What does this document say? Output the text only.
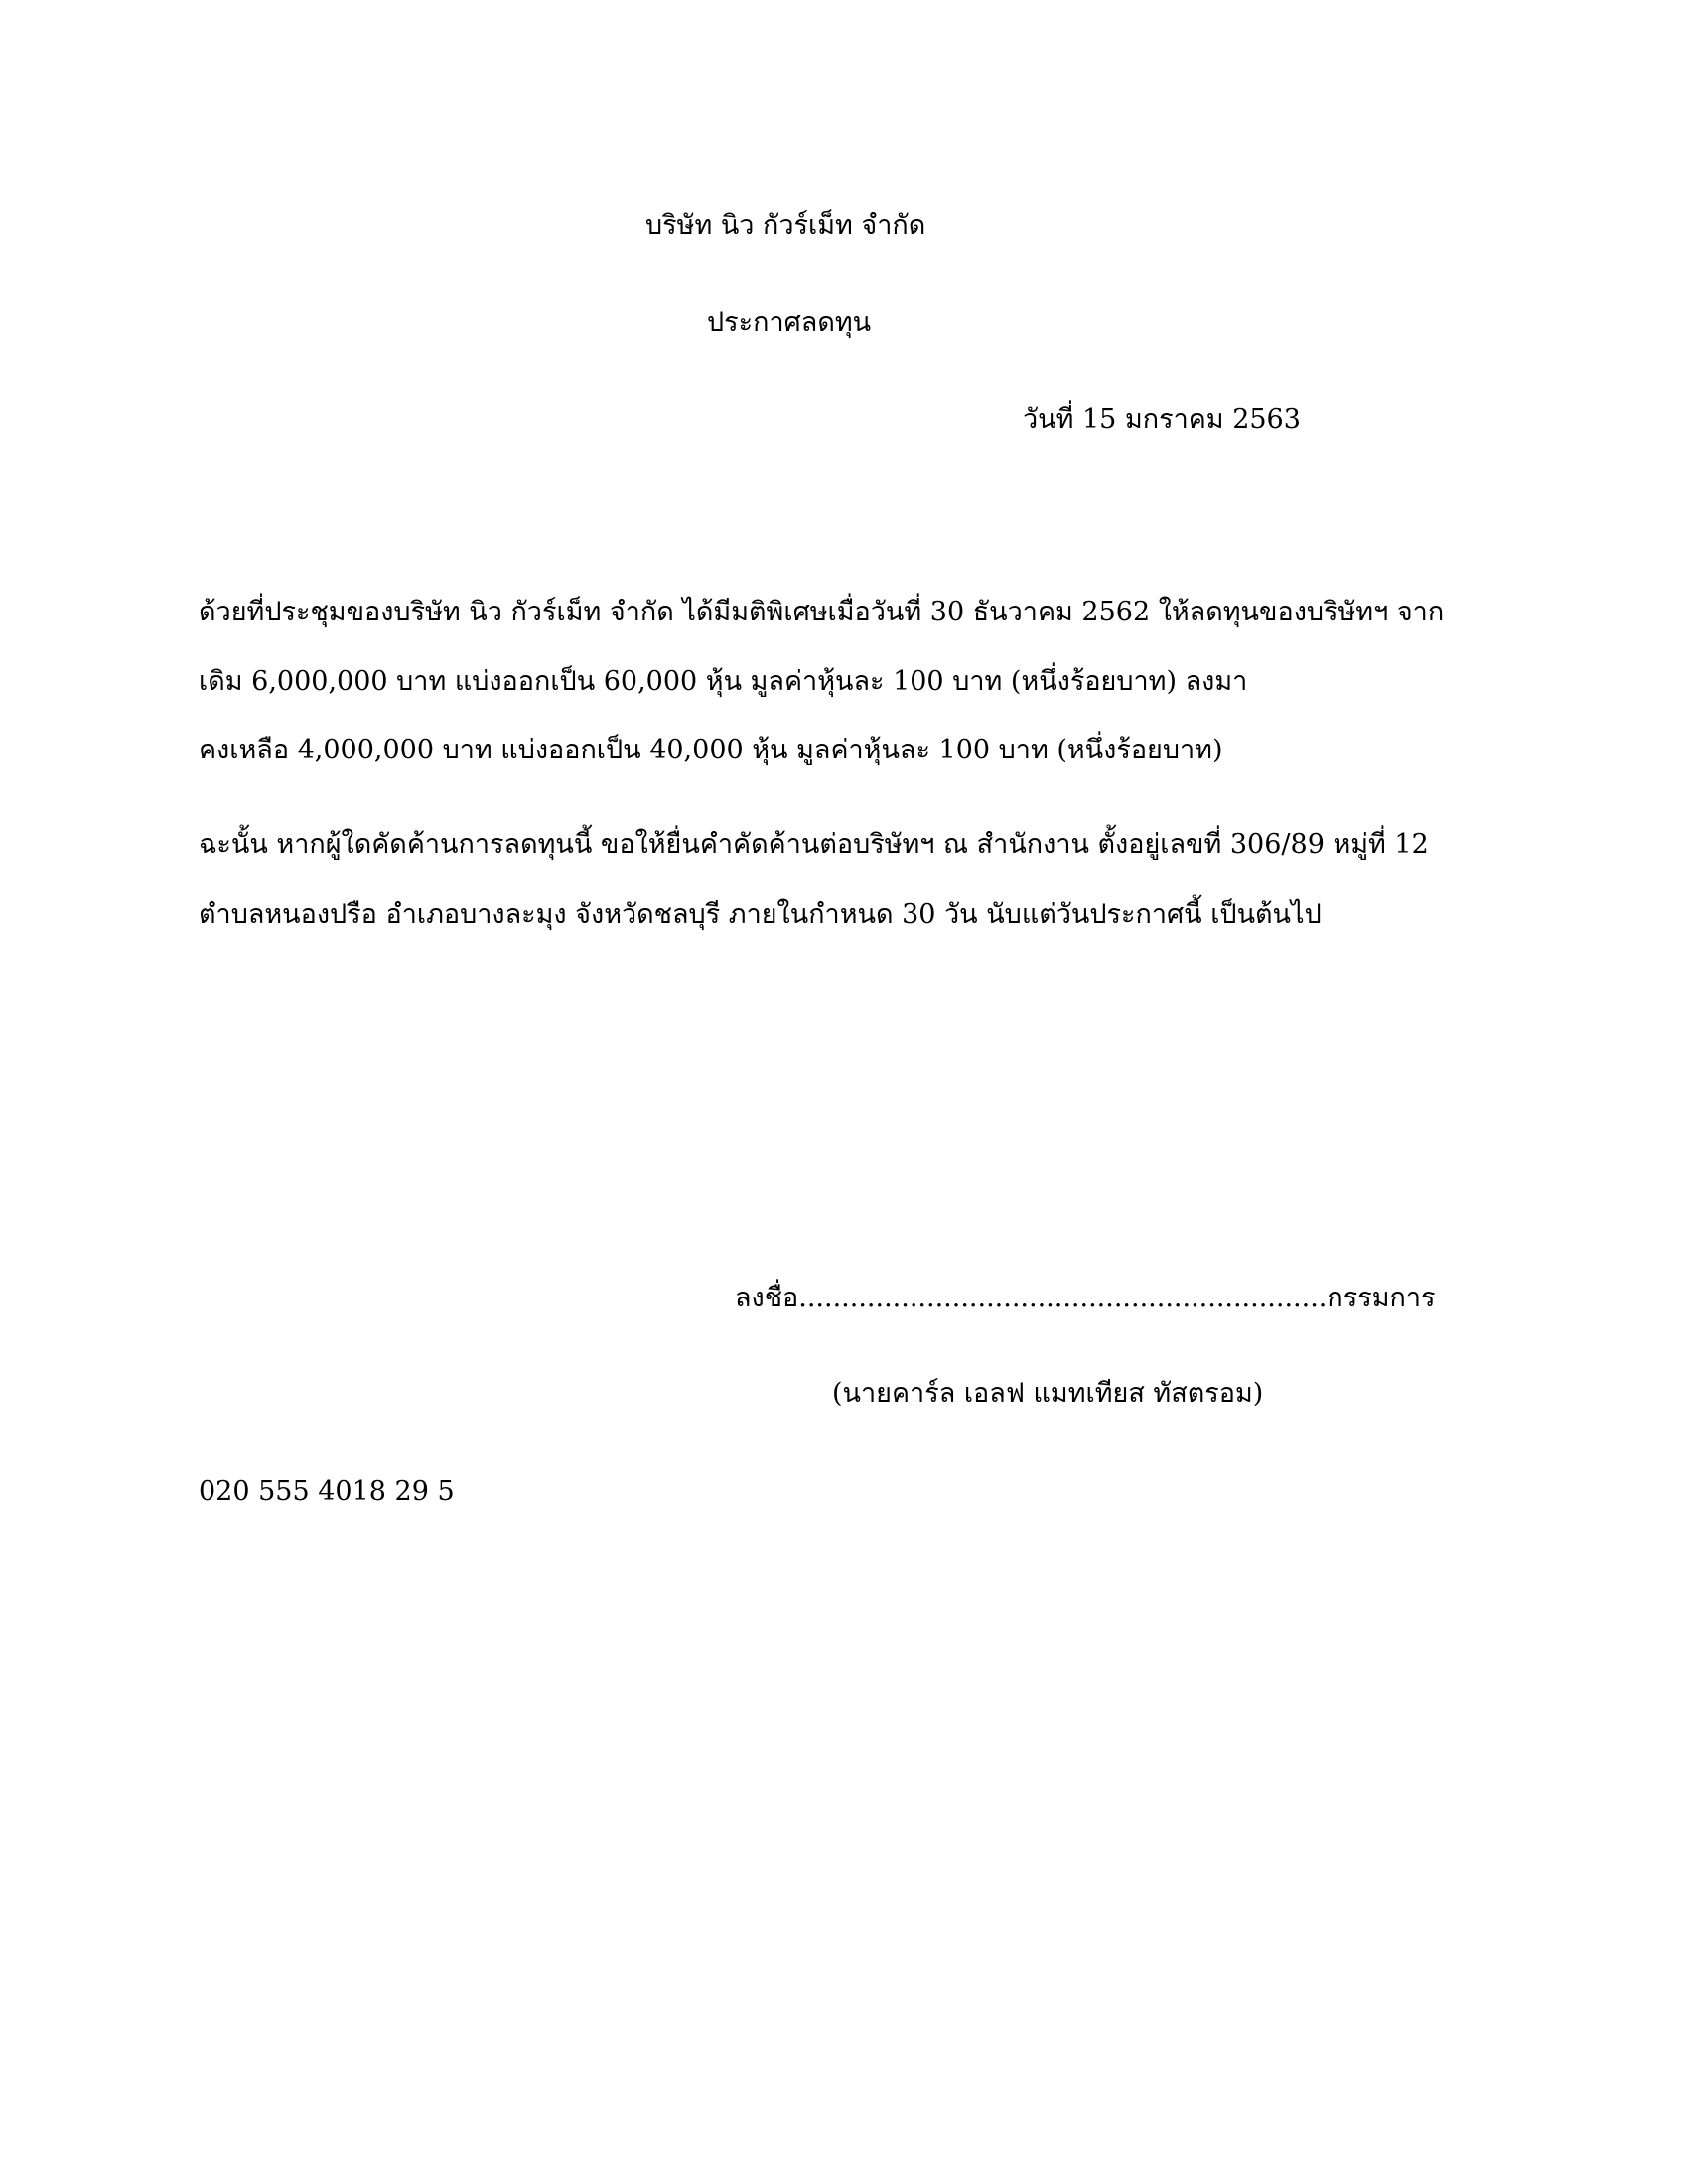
บริษัท นิว กัวร์เม็ท จำกัด
ประกาศลดทุน
วันที่ 15 มกราคม 2563
ด้วยที่ประชุมของบริษัท นิว กัวร์เม็ท จำกัด ได้มีมติพิเศษเมื่อวันที่ 30 ธันวาคม 2562 ให้ลดทุนของบริษัทฯ จาก
เดิม 6,000,000 บาท แบ่งออกเป็น 60,000 หุ้น มูลค่าหุ้นละ 100 บาท (หนึ่งร้อยบาท) ลงมา
คงเหลือ 4,000,000 บาท แบ่งออกเป็น 40,000 หุ้น มูลค่าหุ้นละ 100 บาท (หนึ่งร้อยบาท)
ฉะนั้น หากผู้ใดคัดค้านการลดทุนนี้ ขอให้ยื่นคำคัดค้านต่อบริษัทฯ ณ สำนักงาน ตั้งอยู่เลขที่ 306/89 หมู่ที่ 12
ตำบลหนองปรือ อำเภอบางละมุง จังหวัดชลบุรี ภายในกำหนด 30 วัน นับแต่วันประกาศนี้ เป็นต้นไป
ลงชื่อ..............................................................กรรมการ
(นายคาร์ล เอลฟ แมทเทียส ทัสตรอม)
020 555 4018 29 5
